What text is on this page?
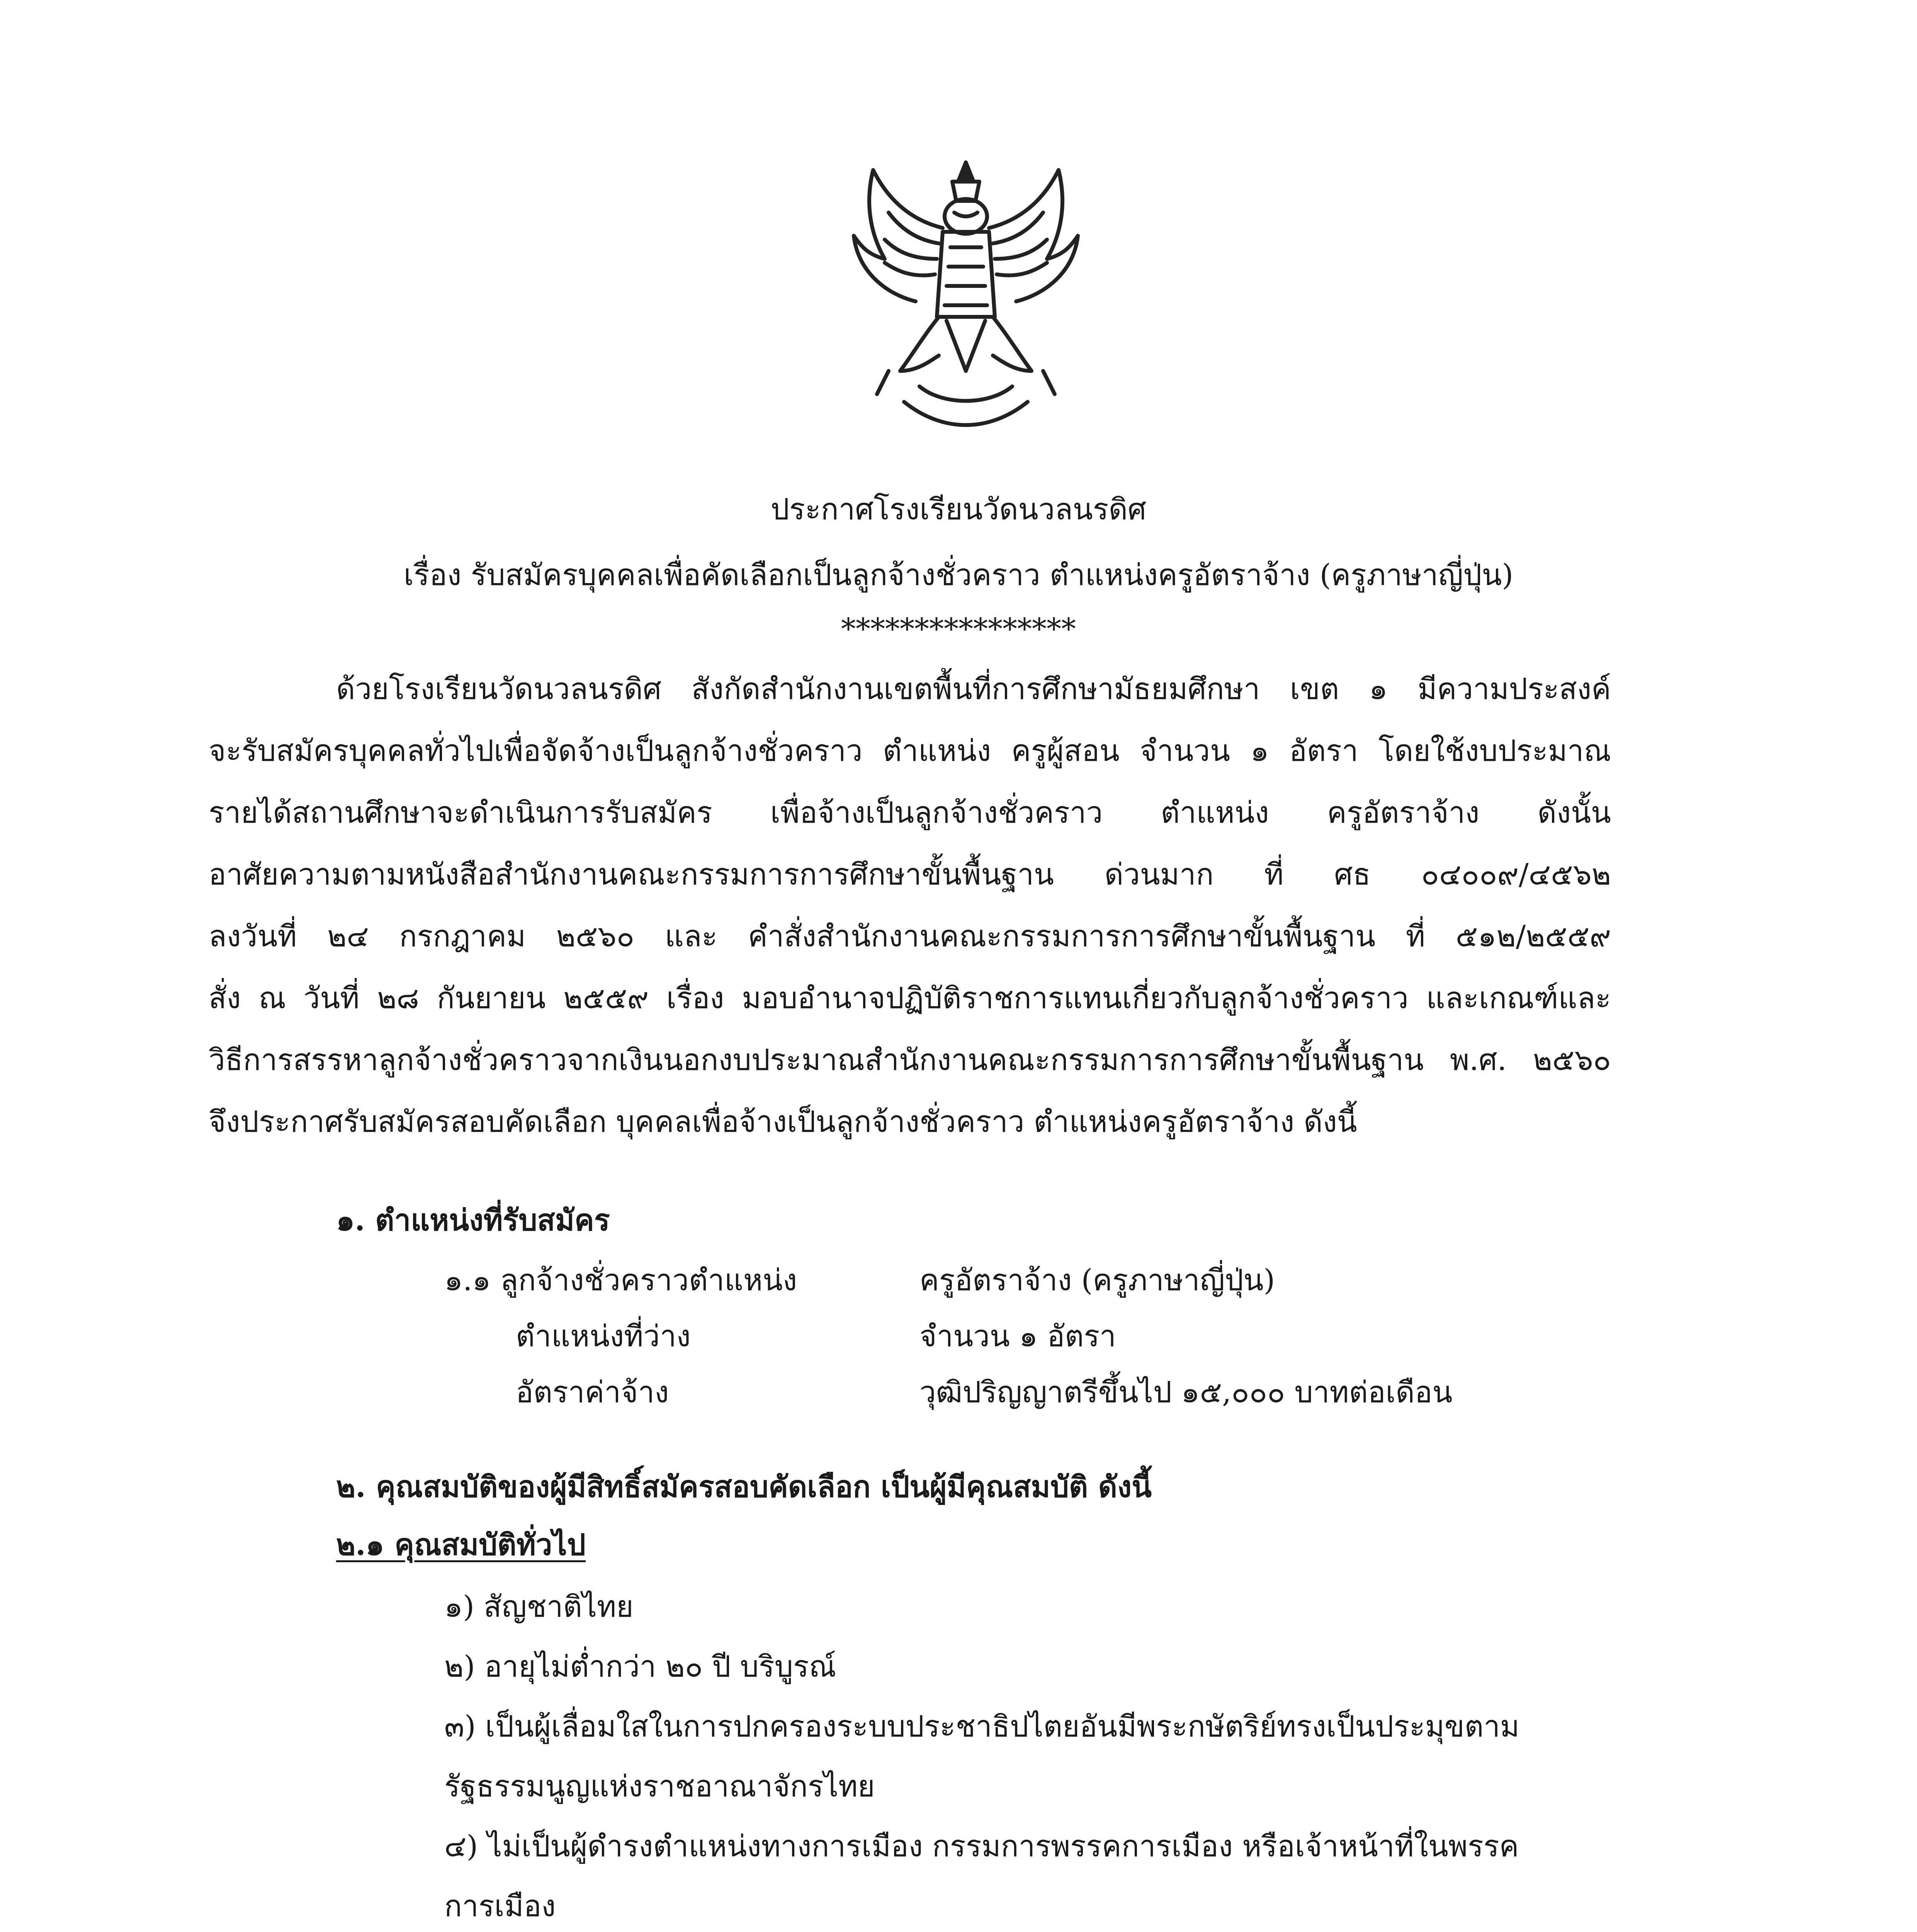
ประกาศโรงเรียนวัดนวลนรดิศ
เรื่อง รับสมัครบุคคลเพื่อคัดเลือกเป็นลูกจ้างชั่วคราว ตำแหน่งครูอัตราจ้าง (ครูภาษาญี่ปุ่น)
****************
ด้วยโรงเรียนวัดนวลนรดิศ สังกัดสำนักงานเขตพื้นที่การศึกษามัธยมศึกษา เขต ๑ มีความประสงค์
จะรับสมัครบุคคลทั่วไปเพื่อจัดจ้างเป็นลูกจ้างชั่วคราว ตำแหน่ง ครูผู้สอน จำนวน ๑ อัตรา โดยใช้งบประมาณ
รายได้สถานศึกษาจะดำเนินการรับสมัคร เพื่อจ้างเป็นลูกจ้างชั่วคราว ตำแหน่ง ครูอัตราจ้าง ดังนั้น
อาศัยความตามหนังสือสำนักงานคณะกรรมการการศึกษาขั้นพื้นฐาน ด่วนมาก ที่ ศธ ๐๔๐๐๙/๔๕๖๒
ลงวันที่ ๒๔ กรกฎาคม ๒๕๖๐ และ คำสั่งสำนักงานคณะกรรมการการศึกษาขั้นพื้นฐาน ที่ ๕๑๒/๒๕๕๙
สั่ง ณ วันที่ ๒๘ กันยายน ๒๕๕๙ เรื่อง มอบอำนาจปฏิบัติราชการแทนเกี่ยวกับลูกจ้างชั่วคราว และเกณฑ์และ
วิธีการสรรหาลูกจ้างชั่วคราวจากเงินนอกงบประมาณสำนักงานคณะกรรมการการศึกษาขั้นพื้นฐาน พ.ศ. ๒๕๖๐
จึงประกาศรับสมัครสอบคัดเลือก บุคคลเพื่อจ้างเป็นลูกจ้างชั่วคราว ตำแหน่งครูอัตราจ้าง ดังนี้
๑. ตำแหน่งที่รับสมัคร
๑.๑ ลูกจ้างชั่วคราวตำแหน่ง	ครูอัตราจ้าง (ครูภาษาญี่ปุ่น)
ตำแหน่งที่ว่าง	จำนวน ๑ อัตรา
อัตราค่าจ้าง	วุฒิปริญญาตรีขึ้นไป ๑๕,๐๐๐ บาทต่อเดือน
๒. คุณสมบัติของผู้มีสิทธิ์สมัครสอบคัดเลือก เป็นผู้มีคุณสมบัติ ดังนี้
๒.๑ คุณสมบัติทั่วไป
๑) สัญชาติไทย
๒) อายุไม่ต่ำกว่า ๒๐ ปี บริบูรณ์
๓) เป็นผู้เลื่อมใสในการปกครองระบบประชาธิปไตยอันมีพระกษัตริย์ทรงเป็นประมุขตาม
รัฐธรรมนูญแห่งราชอาณาจักรไทย
๔) ไม่เป็นผู้ดำรงตำแหน่งทางการเมือง กรรมการพรรคการเมือง หรือเจ้าหน้าที่ในพรรค
การเมือง
